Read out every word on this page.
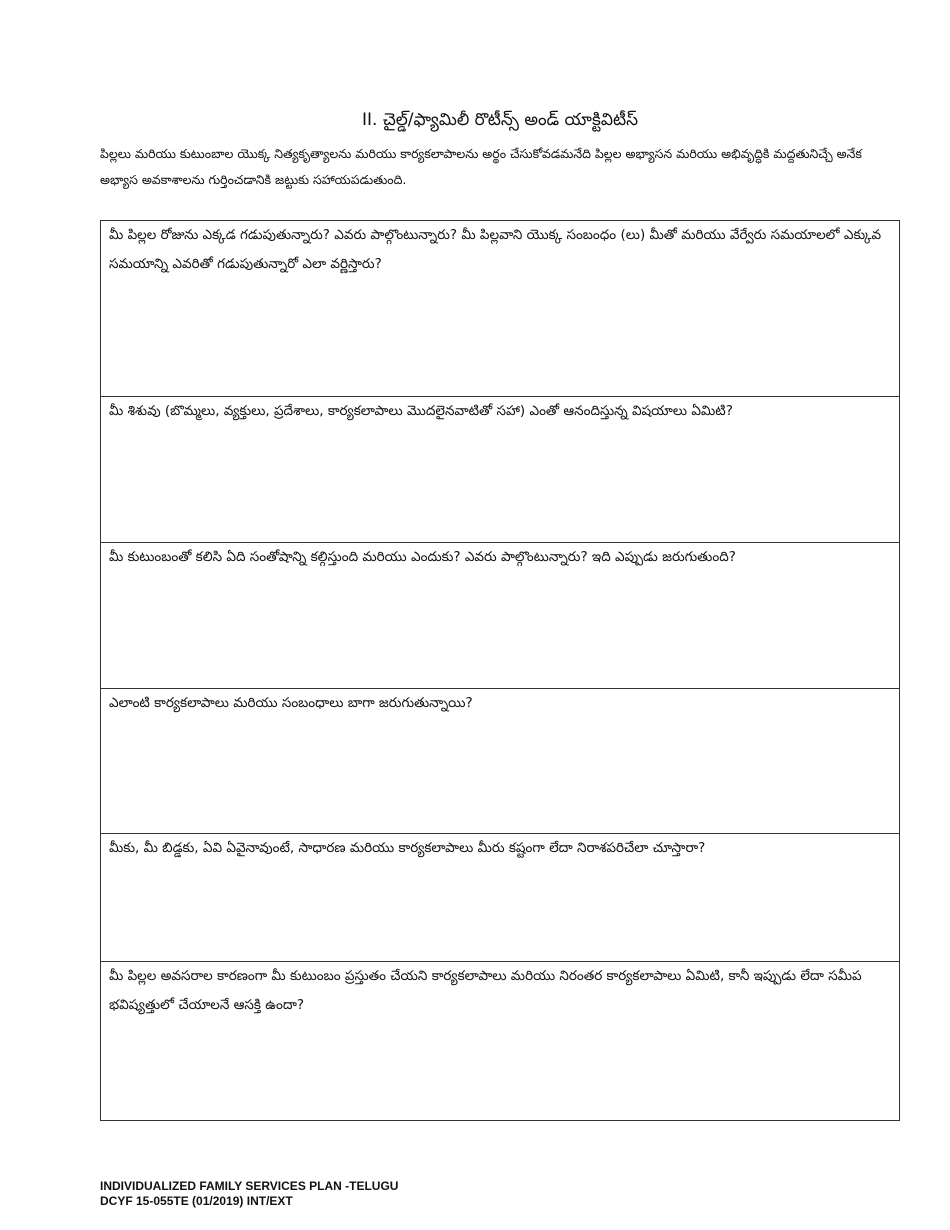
II. చైల్డ్/ఫ్యామిలీ రొటీన్స్ అండ్ యాక్టివిటీస్
పిల్లలు మరియు కుటుంబాల యొక్క నిత్యకృత్యాలను మరియు కార్యకలాపాలను అర్థం చేసుకోవడమనేది పిల్లల అభ్యాసన మరియు అభివృద్ధికి మద్దతునిచ్చే అనేక అభ్యాస అవకాశాలను గుర్తించడానికి జట్టుకు సహాయపడుతుంది.
మీ పిల్లల రోజును ఎక్కడ గడుపుతున్నారు? ఎవరు పాల్గొంటున్నారు? మీ పిల్లవాని యొక్క సంబంధం (లు) మీతో మరియు వేర్వేరు సమయాలలో ఎక్కువ సమయాన్ని ఎవరితో గడుపుతున్నారో ఎలా వర్ణిస్తారు?
మీ శిశువు (బొమ్మలు, వ్యక్తులు, ప్రదేశాలు, కార్యకలాపాలు మొదలైనవాటితో సహా) ఎంతో ఆనందిస్తున్న విషయాలు ఏమిటి?
మీ కుటుంబంతో కలిసి ఏది సంతోషాన్ని కల్గిస్తుంది మరియు ఎందుకు? ఎవరు పాల్గొంటున్నారు? ఇది ఎప్పుడు జరుగుతుంది?
ఎలాంటి కార్యకలాపాలు మరియు సంబంధాలు బాగా జరుగుతున్నాయి?
మీకు, మీ బిడ్డకు, ఏవి ఏవైనావుంటే, సాధారణ మరియు కార్యకలాపాలు మీరు కష్టంగా లేదా నిరాశపరిచేలా చూస్తారా?
మీ పిల్లల అవసరాల కారణంగా మీ కుటుంబం ప్రస్తుతం చేయని కార్యకలాపాలు మరియు నిరంతర కార్యకలాపాలు ఏమిటి, కానీ ఇప్పుడు లేదా సమీప భవిష్యత్తులో చేయాలనే ఆసక్తి ఉందా?
INDIVIDUALIZED FAMILY SERVICES PLAN -TELUGU
DCYF 15-055TE (01/2019) INT/EXT
